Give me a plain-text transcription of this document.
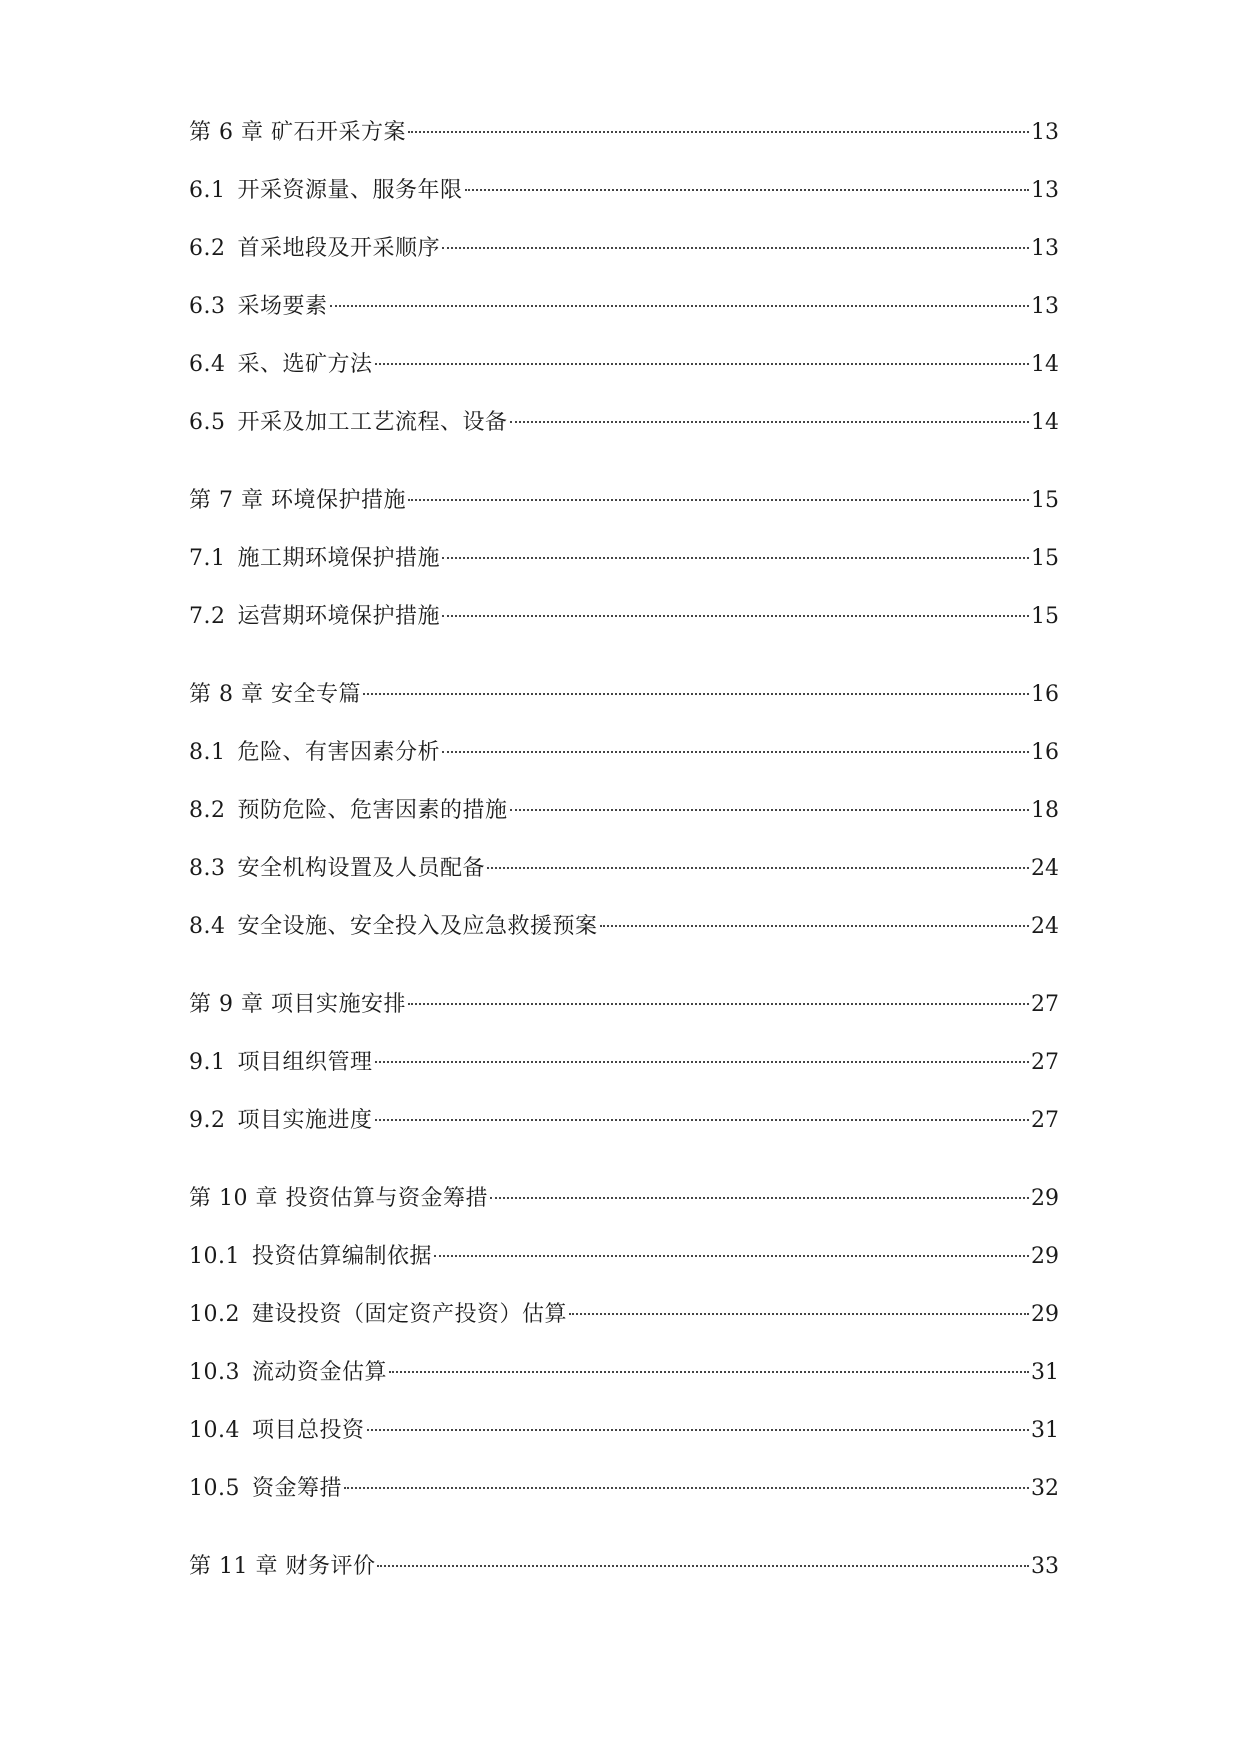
第 6 章 矿石开采方案	13
6.1 开采资源量、服务年限	13
6.2 首采地段及开采顺序	13
6.3 采场要素	13
6.4 采、选矿方法	14
6.5 开采及加工工艺流程、设备	14
第 7 章 环境保护措施	15
7.1 施工期环境保护措施	15
7.2 运营期环境保护措施	15
第 8 章 安全专篇	16
8.1 危险、有害因素分析	16
8.2 预防危险、危害因素的措施	18
8.3 安全机构设置及人员配备	24
8.4 安全设施、安全投入及应急救援预案	24
第 9 章 项目实施安排	27
9.1 项目组织管理	27
9.2 项目实施进度	27
第 10 章 投资估算与资金筹措	29
10.1 投资估算编制依据	29
10.2 建设投资（固定资产投资）估算	29
10.3 流动资金估算	31
10.4 项目总投资	31
10.5 资金筹措	32
第 11 章 财务评价	33
